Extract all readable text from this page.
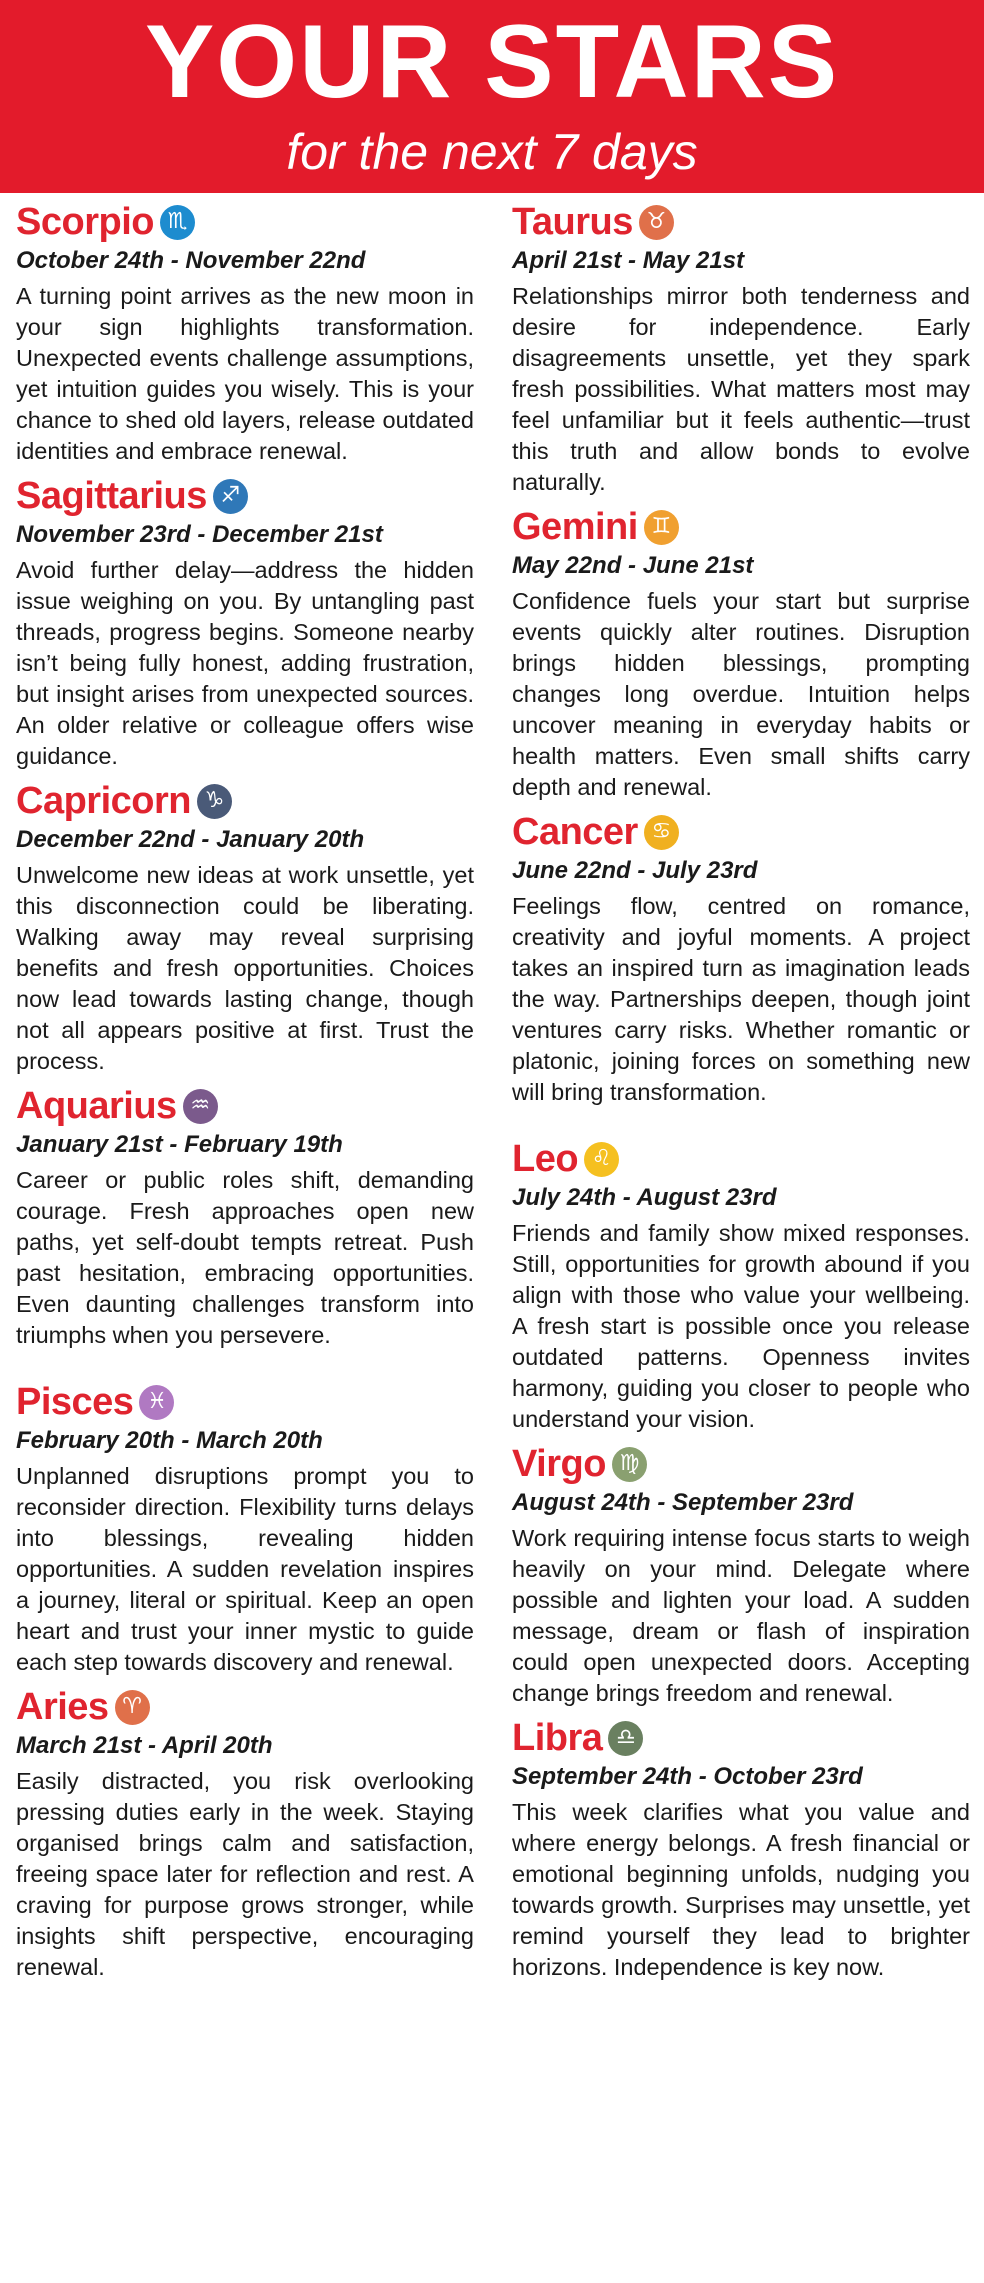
YOUR STARS
for the next 7 days
Scorpio ♏
October 24th - November 22nd

A turning point arrives as the new moon in your sign highlights transformation. Unexpected events challenge assumptions, yet intuition guides you wisely. This is your chance to shed old layers, release outdated identities and embrace renewal.

Sagittarius ♐
November 23rd - December 21st

Avoid further delay—address the hidden issue weighing on you. By untangling past threads, progress begins. Someone nearby isn’t being fully honest, adding frustration, but insight arises from unexpected sources. An older relative or colleague offers wise guidance.

Capricorn ♑
December 22nd - January 20th

Unwelcome new ideas at work unsettle, yet this disconnection could be liberating. Walking away may reveal surprising benefits and fresh opportunities. Choices now lead towards lasting change, though not all appears positive at first. Trust the process.

Aquarius ♒
January 21st - February 19th

Career or public roles shift, demanding courage. Fresh approaches open new paths, yet self-doubt tempts retreat. Push past hesitation, embracing opportunities. Even daunting challenges transform into triumphs when you persevere.

Pisces ♓
February 20th - March 20th

Unplanned disruptions prompt you to reconsider direction. Flexibility turns delays into blessings, revealing hidden opportunities. A sudden revelation inspires a journey, literal or spiritual. Keep an open heart and trust your inner mystic to guide each step towards discovery and renewal.

Aries ♈
March 21st - April 20th

Easily distracted, you risk overlooking pressing duties early in the week. Staying organised brings calm and satisfaction, freeing space later for reflection and rest. A craving for purpose grows stronger, while insights shift perspective, encouraging renewal.

Taurus ♉
April 21st - May 21st

Relationships mirror both tenderness and desire for independence. Early disagreements unsettle, yet they spark fresh possibilities. What matters most may feel unfamiliar but it feels authentic—trust this truth and allow bonds to evolve naturally.

Gemini ♊
May 22nd - June 21st

Confidence fuels your start but surprise events quickly alter routines. Disruption brings hidden blessings, prompting changes long overdue. Intuition helps uncover meaning in everyday habits or health matters. Even small shifts carry depth and renewal.

Cancer ♋
June 22nd - July 23rd

Feelings flow, centred on romance, creativity and joyful moments. A project takes an inspired turn as imagination leads the way. Partnerships deepen, though joint ventures carry risks. Whether romantic or platonic, joining forces on something new will bring transformation.

Leo ♌
July 24th - August 23rd

Friends and family show mixed responses. Still, opportunities for growth abound if you align with those who value your wellbeing. A fresh start is possible once you release outdated patterns. Openness invites harmony, guiding you closer to people who understand your vision.

Virgo ♍
August 24th - September 23rd

Work requiring intense focus starts to weigh heavily on your mind. Delegate where possible and lighten your load. A sudden message, dream or flash of inspiration could open unexpected doors. Accepting change brings freedom and renewal.

Libra ♎
September 24th - October 23rd

This week clarifies what you value and where energy belongs. A fresh financial or emotional beginning unfolds, nudging you towards growth. Surprises may unsettle, yet remind yourself they lead to brighter horizons. Independence is key now.
